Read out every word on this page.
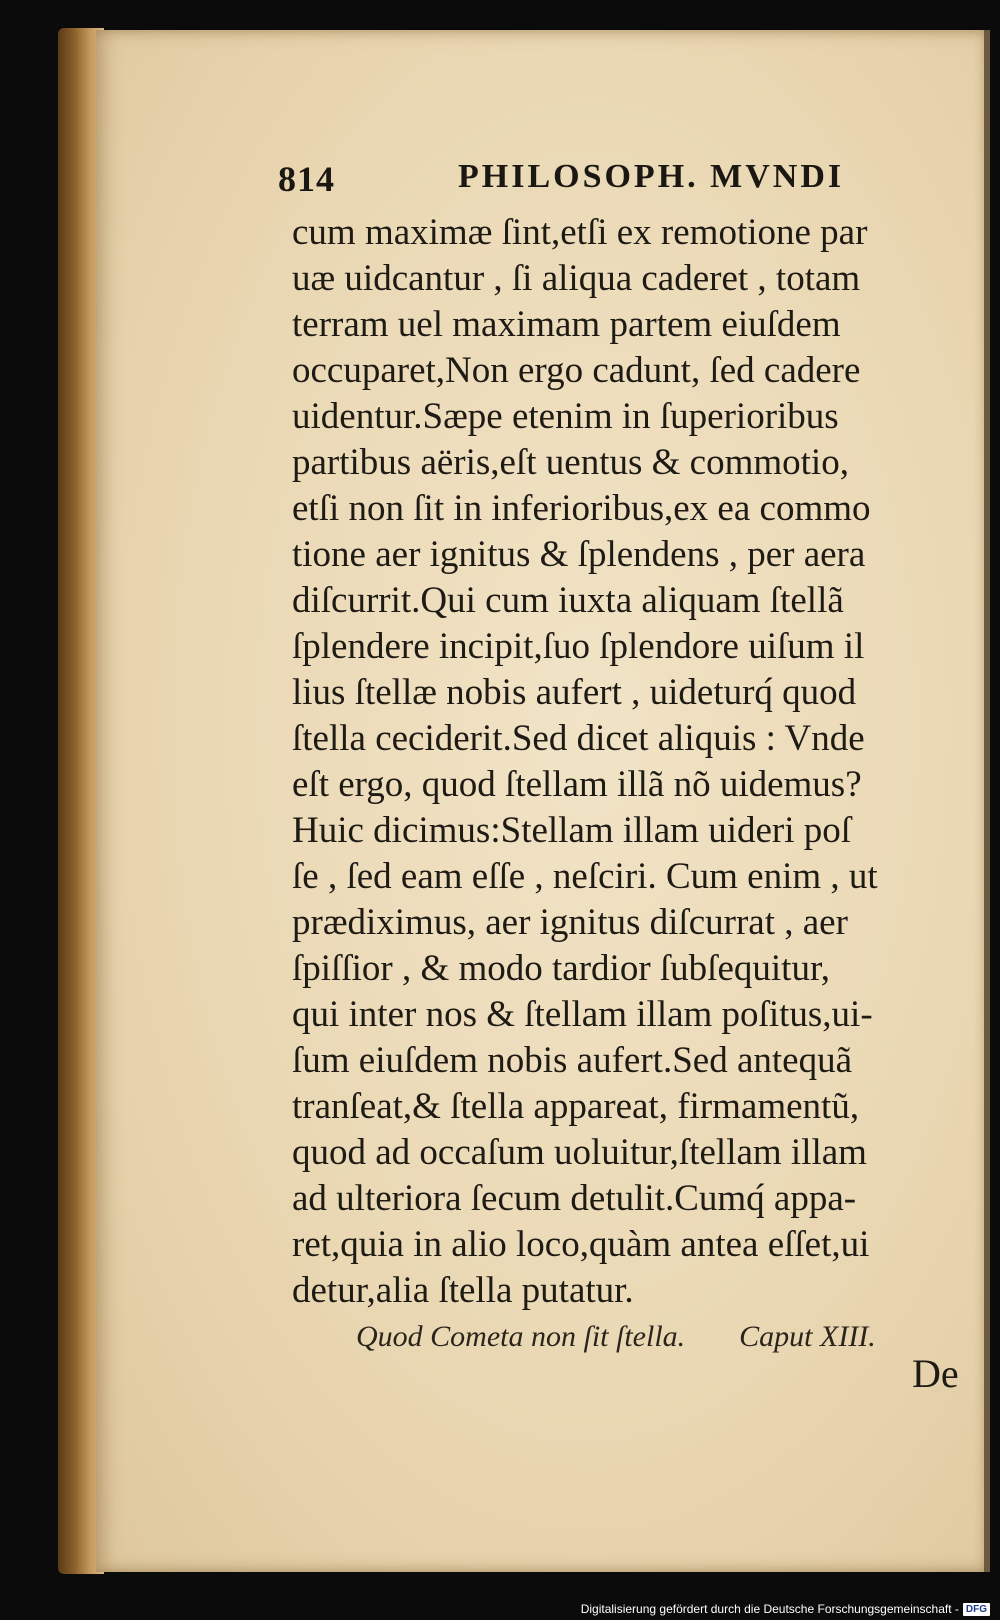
814	PHILOSOPH. MVNDI
cum maximæ ſint,etſi ex remotione par
uæ uidcantur , ſi aliqua caderet , totam
terram uel maximam partem eiuſdem
occuparet,Non ergo cadunt, ſed cadere
uidentur.Sæpe etenim in ſuperioribus
partibus aëris,eſt uentus & commotio,
etſi non ſit in inferioribus,ex ea commo
tione aer ignitus & ſplendens , per aera
diſcurrit.Qui cum iuxta aliquam ſtellã
ſplendere incipit,ſuo ſplendore uiſum il
lius ſtellæ nobis aufert , uideturq́ quod
ſtella ceciderit.Sed dicet aliquis : Vnde
eſt ergo, quod ſtellam illã nõ uidemus?
Huic dicimus:Stellam illam uideri poſ
ſe , ſed eam eſſe , neſciri. Cum enim , ut
prædiximus, aer ignitus diſcurrat , aer
ſpiſſior , & modo tardior ſubſequitur,
qui inter nos & ſtellam illam poſitus,ui-
ſum eiuſdem nobis aufert.Sed antequã
tranſeat,& ſtella appareat, firmamentũ,
quod ad occaſum uoluitur,ſtellam illam
ad ulteriora ſecum detulit.Cumq́ appa-
ret,quia in alio loco,quàm antea eſſet,ui
detur,alia ſtella putatur.
Quod Cometa non ſit ſtella. Caput XIII.
De
Digitalisierung gefördert durch die Deutsche Forschungsgemeinschaft - DFG
